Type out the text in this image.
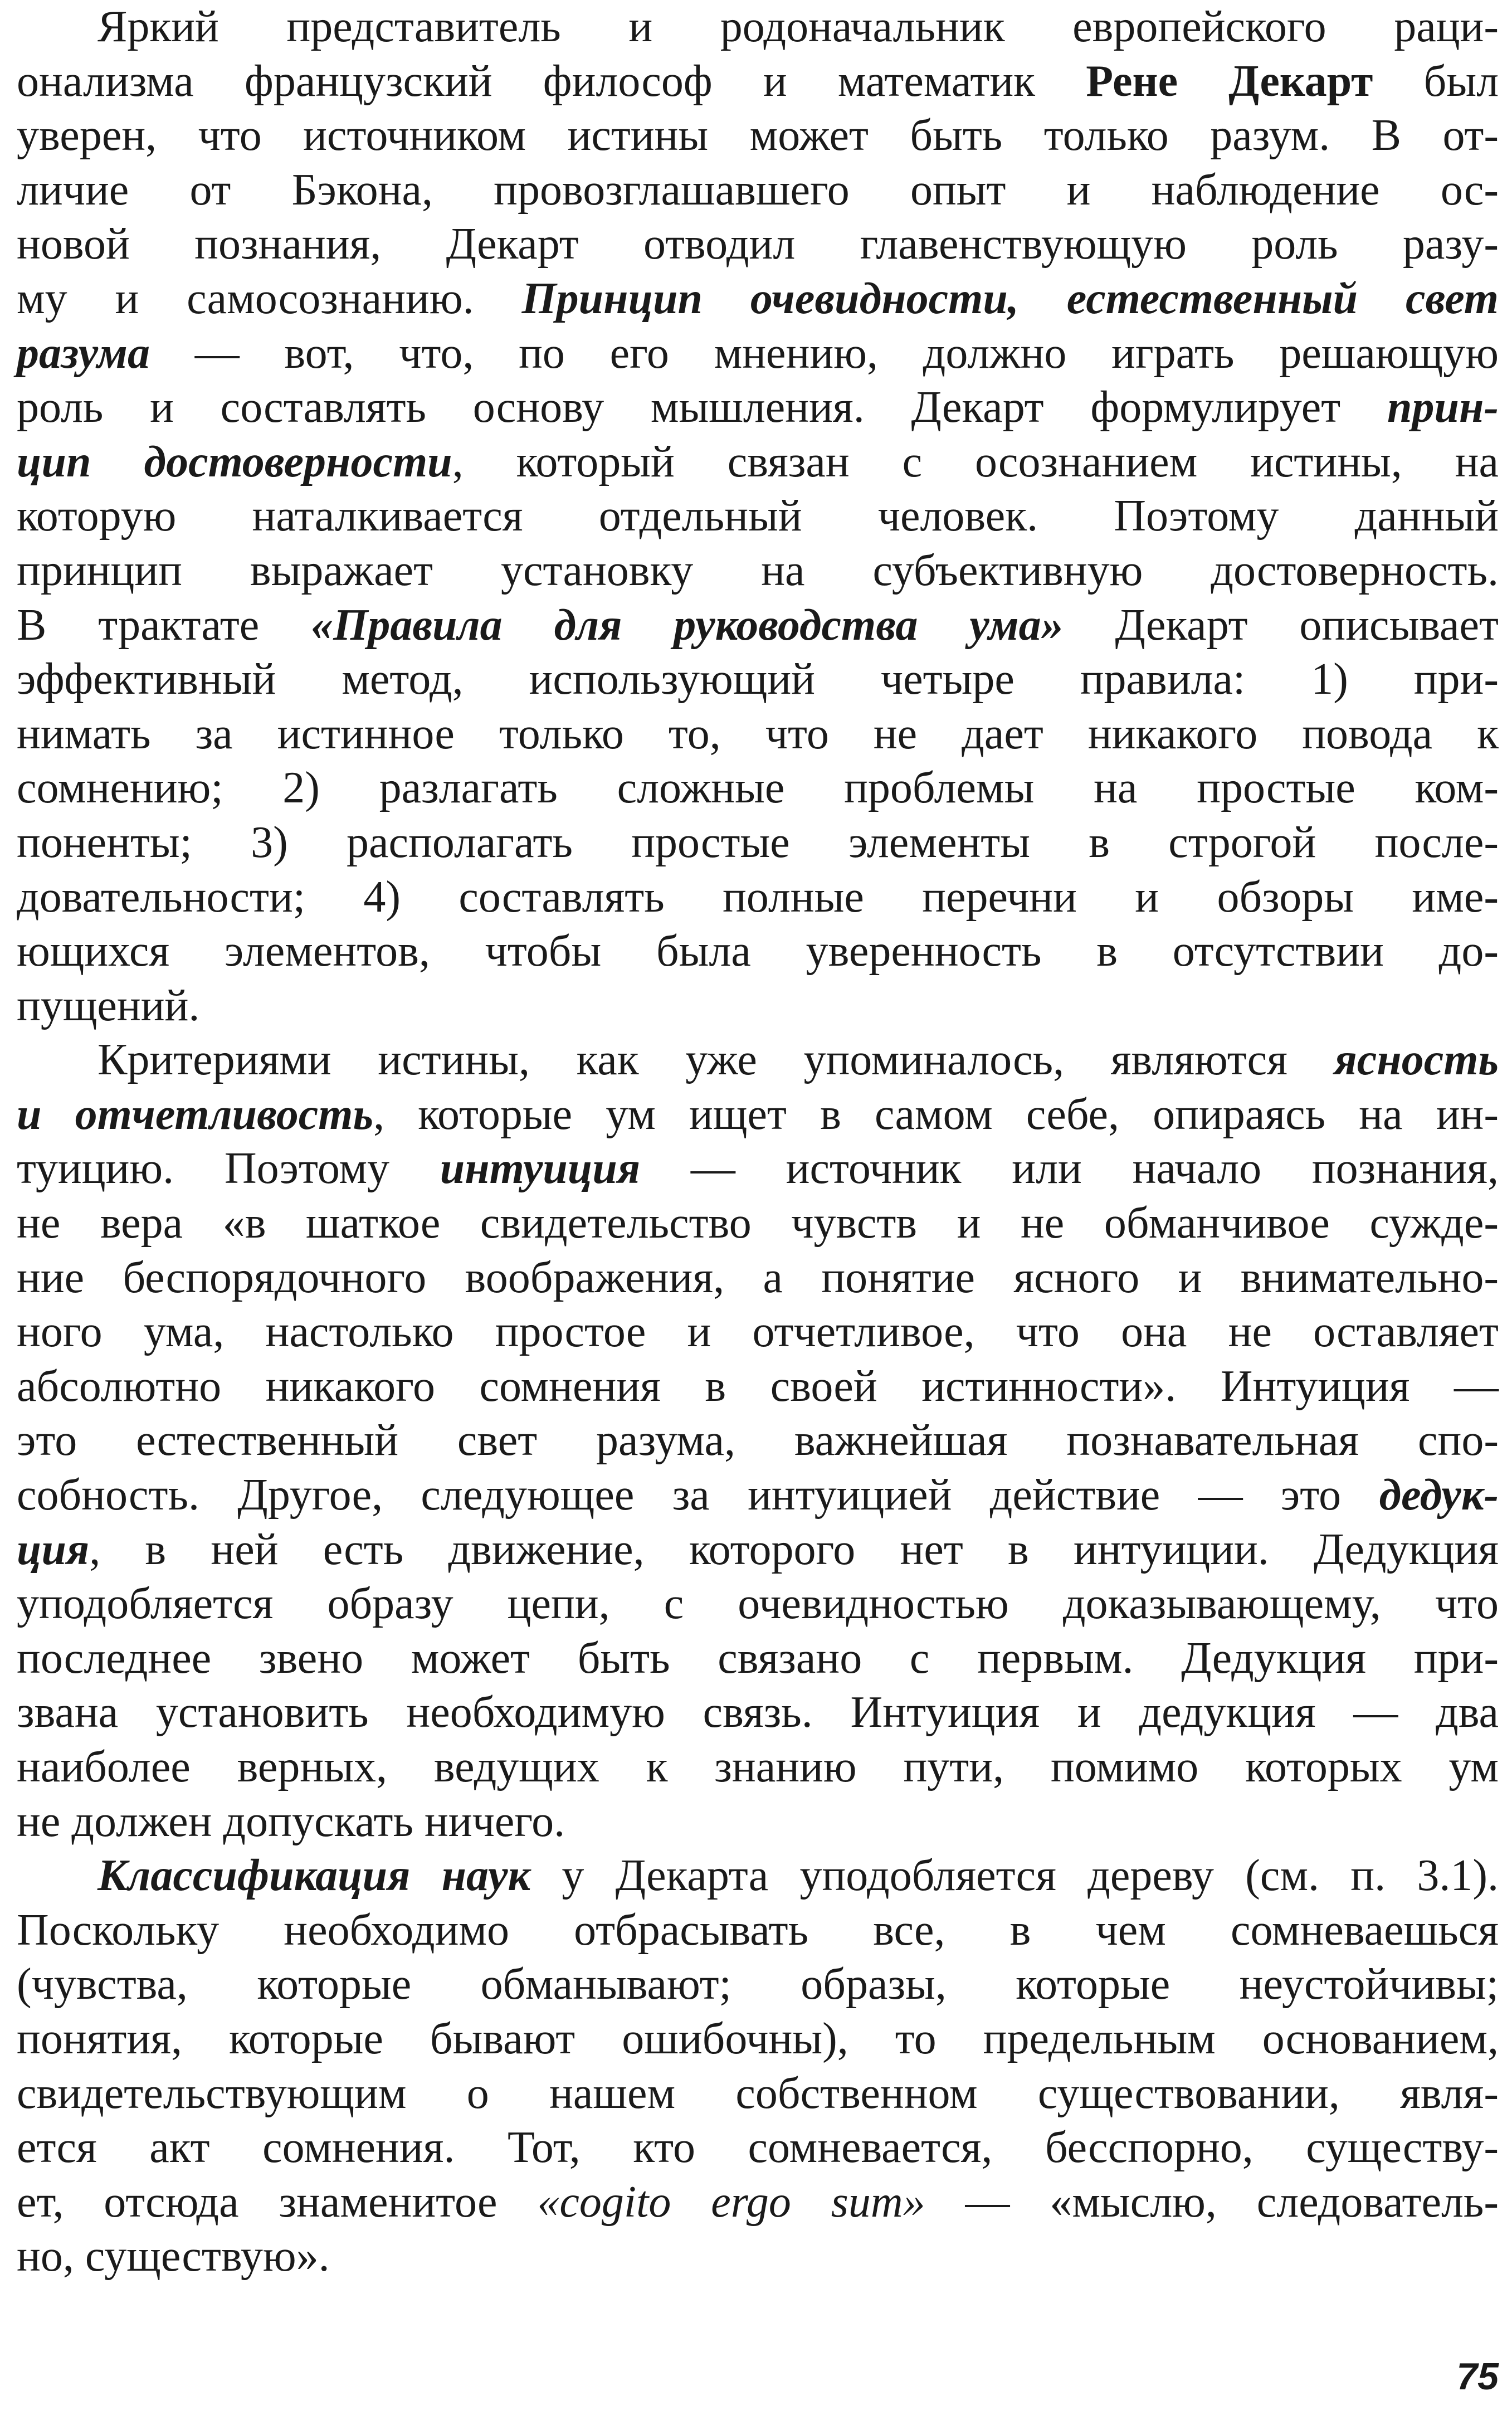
Яркий представитель и родоначальник европейского раци-
онализма французский философ и математик Рене Декарт был
уверен, что источником истины может быть только разум. В от-
личие от Бэкона, провозглашавшего опыт и наблюдение ос-
новой познания, Декарт отводил главенствующую роль разу-
му и самосознанию. Принцип очевидности, естественный свет
разума — вот, что, по его мнению, должно играть решающую
роль и составлять основу мышления. Декарт формулирует прин-
цип достоверности, который связан с осознанием истины, на
которую наталкивается отдельный человек. Поэтому данный
принцип выражает установку на субъективную достоверность.
В трактате «Правила для руководства ума» Декарт описывает
эффективный метод, использующий четыре правила: 1) при-
нимать за истинное только то, что не дает никакого повода к
сомнению; 2) разлагать сложные проблемы на простые ком-
поненты; 3) располагать простые элементы в строгой после-
довательности; 4) составлять полные перечни и обзоры име-
ющихся элементов, чтобы была уверенность в отсутствии до-
пущений.
Критериями истины, как уже упоминалось, являются ясность
и отчетливость, которые ум ищет в самом себе, опираясь на ин-
туицию. Поэтому интуиция — источник или начало познания,
не вера «в шаткое свидетельство чувств и не обманчивое сужде-
ние беспорядочного воображения, а понятие ясного и внимательно-
ного ума, настолько простое и отчетливое, что она не оставляет
абсолютно никакого сомнения в своей истинности». Интуиция —
это естественный свет разума, важнейшая познавательная спо-
собность. Другое, следующее за интуицией действие — это дедук-
ция, в ней есть движение, которого нет в интуиции. Дедукция
уподобляется образу цепи, с очевидностью доказывающему, что
последнее звено может быть связано с первым. Дедукция при-
звана установить необходимую связь. Интуиция и дедукция — два
наиболее верных, ведущих к знанию пути, помимо которых ум
не должен допускать ничего.
Классификация наук у Декарта уподобляется дереву (см. п. 3.1).
Поскольку необходимо отбрасывать все, в чем сомневаешься
(чувства, которые обманывают; образы, которые неустойчивы;
понятия, которые бывают ошибочны), то предельным основанием,
свидетельствующим о нашем собственном существовании, явля-
ется акт сомнения. Тот, кто сомневается, бесспорно, существу-
ет, отсюда знаменитое «cogito ergo sum» — «мыслю, следователь-
но, существую».
75
